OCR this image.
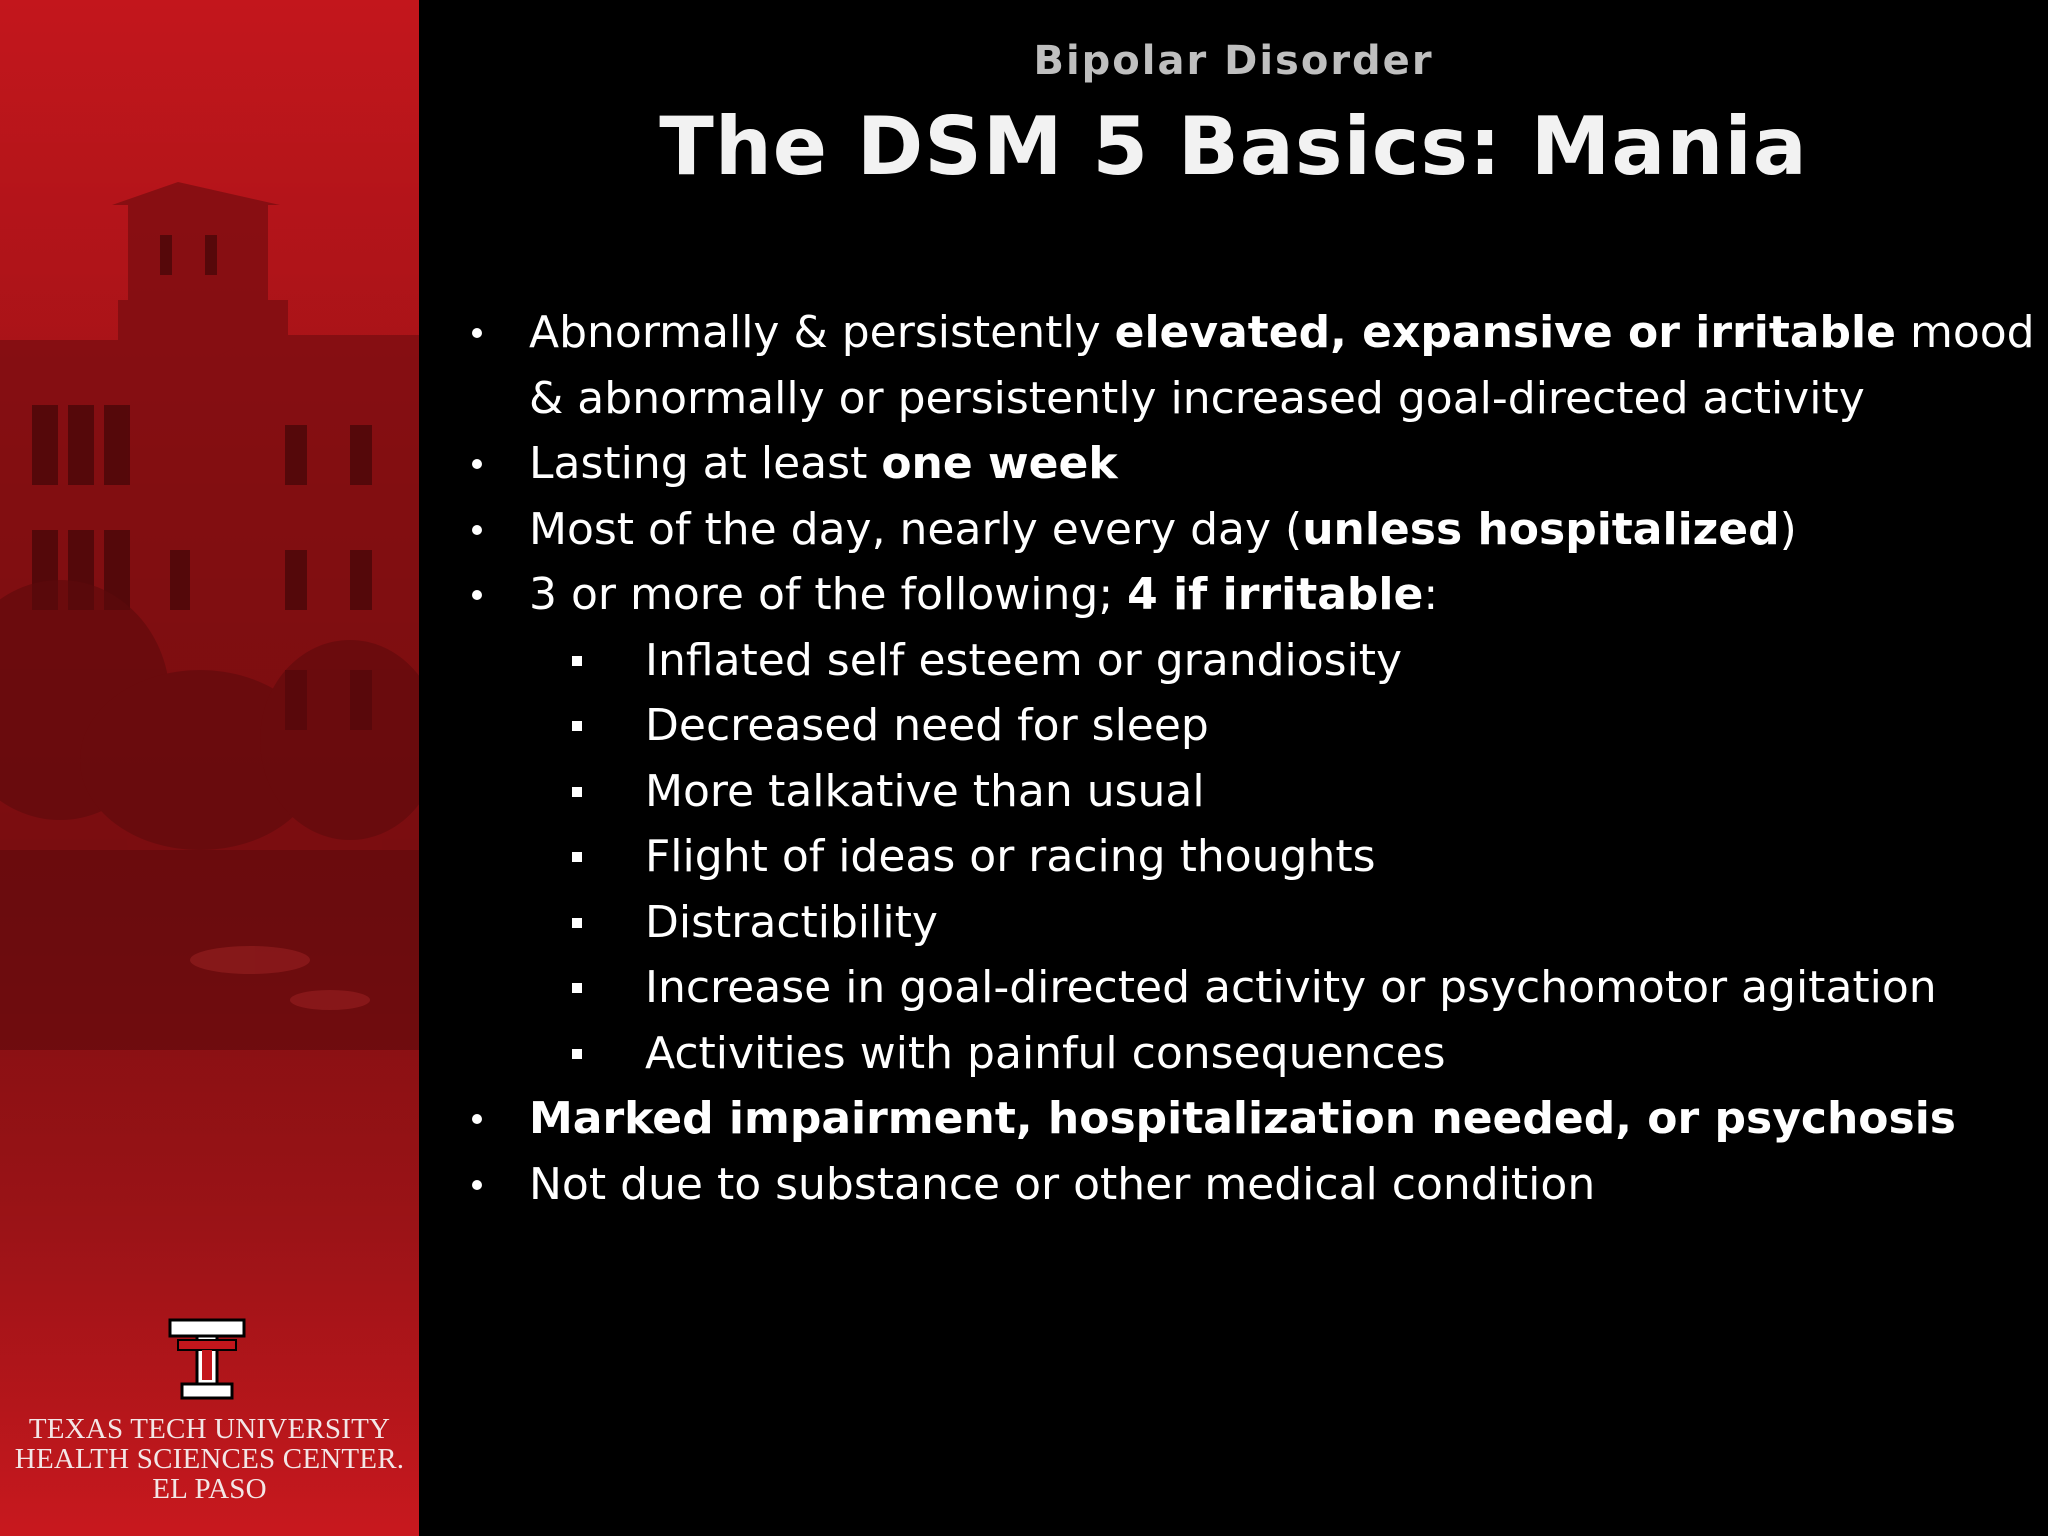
TEXAS TECH UNIVERSITY
HEALTH SCIENCES CENTER.
EL PASO
Bipolar Disorder
The DSM 5 Basics: Mania
Abnormally & persistently elevated, expansive or irritable mood
& abnormally or persistently increased goal-directed activity
Lasting at least one week
Most of the day, nearly every day (unless hospitalized)
3 or more of the following; 4 if irritable:
Inflated self esteem or grandiosity
Decreased need for sleep
More talkative than usual
Flight of ideas or racing thoughts
Distractibility
Increase in goal-directed activity or psychomotor agitation
Activities with painful consequences
Marked impairment, hospitalization needed, or psychosis
Not due to substance or other medical condition
